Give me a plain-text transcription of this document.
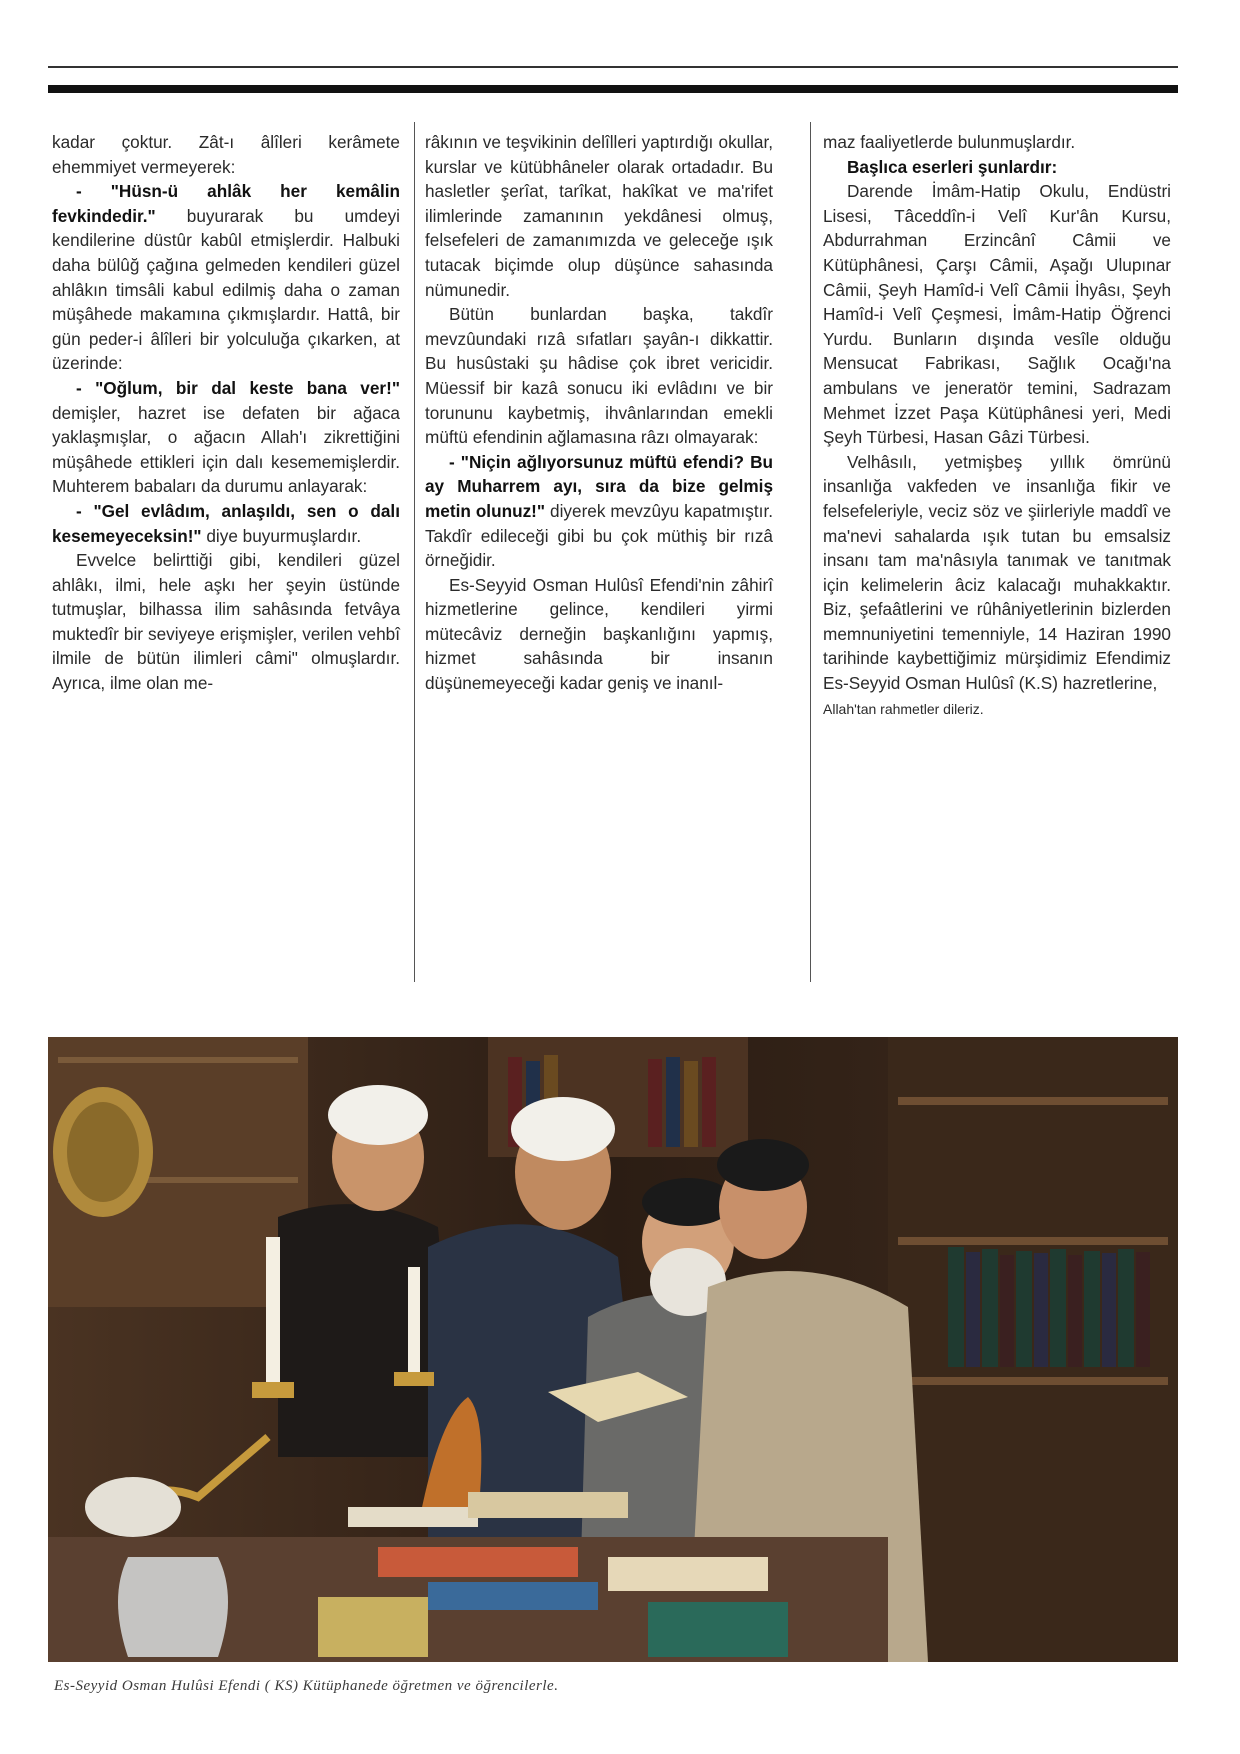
kadar çoktur. Zât-ı âlîleri kerâmete ehemmiyet vermeyerek:

- "Hüsn-ü ahlâk her kemâlin fevkindedir." buyurarak bu umdeyi kendilerine düstûr kabûl etmişlerdir. Halbuki daha bülûğ çağına gelmeden kendileri güzel ahlâkın timsâli kabul edilmiş daha o zaman müşâhede makamına çıkmışlardır. Hattâ, bir gün peder-i âlîleri bir yolculuğa çıkarken, at üzerinde:

- "Oğlum, bir dal keste bana ver!" demişler, hazret ise defaten bir ağaca yaklaşmışlar, o ağacın Allah'ı zikrettiğini müşâhede ettikleri için dalı kesememişlerdir. Muhterem babaları da durumu anlayarak:

- "Gel evlâdım, anlaşıldı, sen o dalı kesemeyeceksin!" diye buyurmuşlardır.

Evvelce belirttiği gibi, kendileri güzel ahlâkı, ilmi, hele aşkı her şeyin üstünde tutmuşlar, bilhassa ilim sahâsında fetvâya muktedîr bir seviyeye erişmişler, verilen vehbî ilmile de bütün ilimleri câmi" olmuşlardır. Ayrıca, ilme olan me-

râkının ve teşvikinin delîlleri yaptırdığı okullar, kurslar ve kütübhâneler olarak ortadadır. Bu hasletler şerîat, tarîkat, hakîkat ve ma'rifet ilimlerinde zamanının yekdânesi olmuş, felsefeleri de zamanımızda ve geleceğe ışık tutacak biçimde olup düşünce sahasında nümunedir.

Bütün bunlardan başka, takdîr mevzûundaki rızâ sıfatları şayân-ı dikkattir. Bu husûstaki şu hâdise çok ibret vericidir. Müessif bir kazâ sonucu iki evlâdını ve bir torununu kaybetmiş, ihvânlarından emekli müftü efendinin ağlamasına râzı olmayarak:

- "Niçin ağlıyorsunuz müftü efendi? Bu ay Muharrem ayı, sıra da bize gelmiş metin olunuz!" diyerek mevzûyu kapatmıştır. Takdîr edileceği gibi bu çok müthiş bir rızâ örneğidir.

Es-Seyyid Osman Hulûsî Efendi'nin zâhirî hizmetlerine gelince, kendileri yirmi mütecâviz derneğin başkanlığını yapmış, hizmet sahâsında bir insanın düşünemeyeceği kadar geniş ve inanıl-

maz faaliyetlerde bulunmuşlardır.

Başlıca eserleri şunlardır:

Darende İmâm-Hatip Okulu, Endüstri Lisesi, Tâceddîn-i Velî Kur'ân Kursu, Abdurrahman Erzincânî Câmii ve Kütüphânesi, Çarşı Câmii, Aşağı Ulupınar Câmii, Şeyh Hamîd-i Velî Câmii İhyâsı, Şeyh Hamîd-i Velî Çeşmesi, İmâm-Hatip Öğrenci Yurdu. Bunların dışında vesîle olduğu Mensucat Fabrikası, Sağlık Ocağı'na ambulans ve jeneratör temini, Sadrazam Mehmet İzzet Paşa Kütüphânesi yeri, Medi Şeyh Türbesi, Hasan Gâzi Türbesi.

Velhâsılı, yetmişbeş yıllık ömrünü insanlığa vakfeden ve insanlığa fikir ve felsefeleriyle, veciz söz ve şiirleriyle maddî ve ma'nevi sahalarda ışık tutan bu emsalsiz insanı tam ma'nâsıyla tanımak ve tanıtmak için kelimelerin âciz kalacağı muhakkaktır. Biz, şefaâtlerini ve rûhâniyetlerinin bizlerden memnuniyetini temenniyle, 14 Haziran 1990 tarihinde kaybettiğimiz mürşidimiz Efendimiz Es-Seyyid Osman Hulûsî (K.S) hazretlerine,

Allah'tan rahmetler dileriz.

Es-Seyyid Osman Hulûsi Efendi ( KS) Kütüphanede öğretmen ve öğrencilerle.
